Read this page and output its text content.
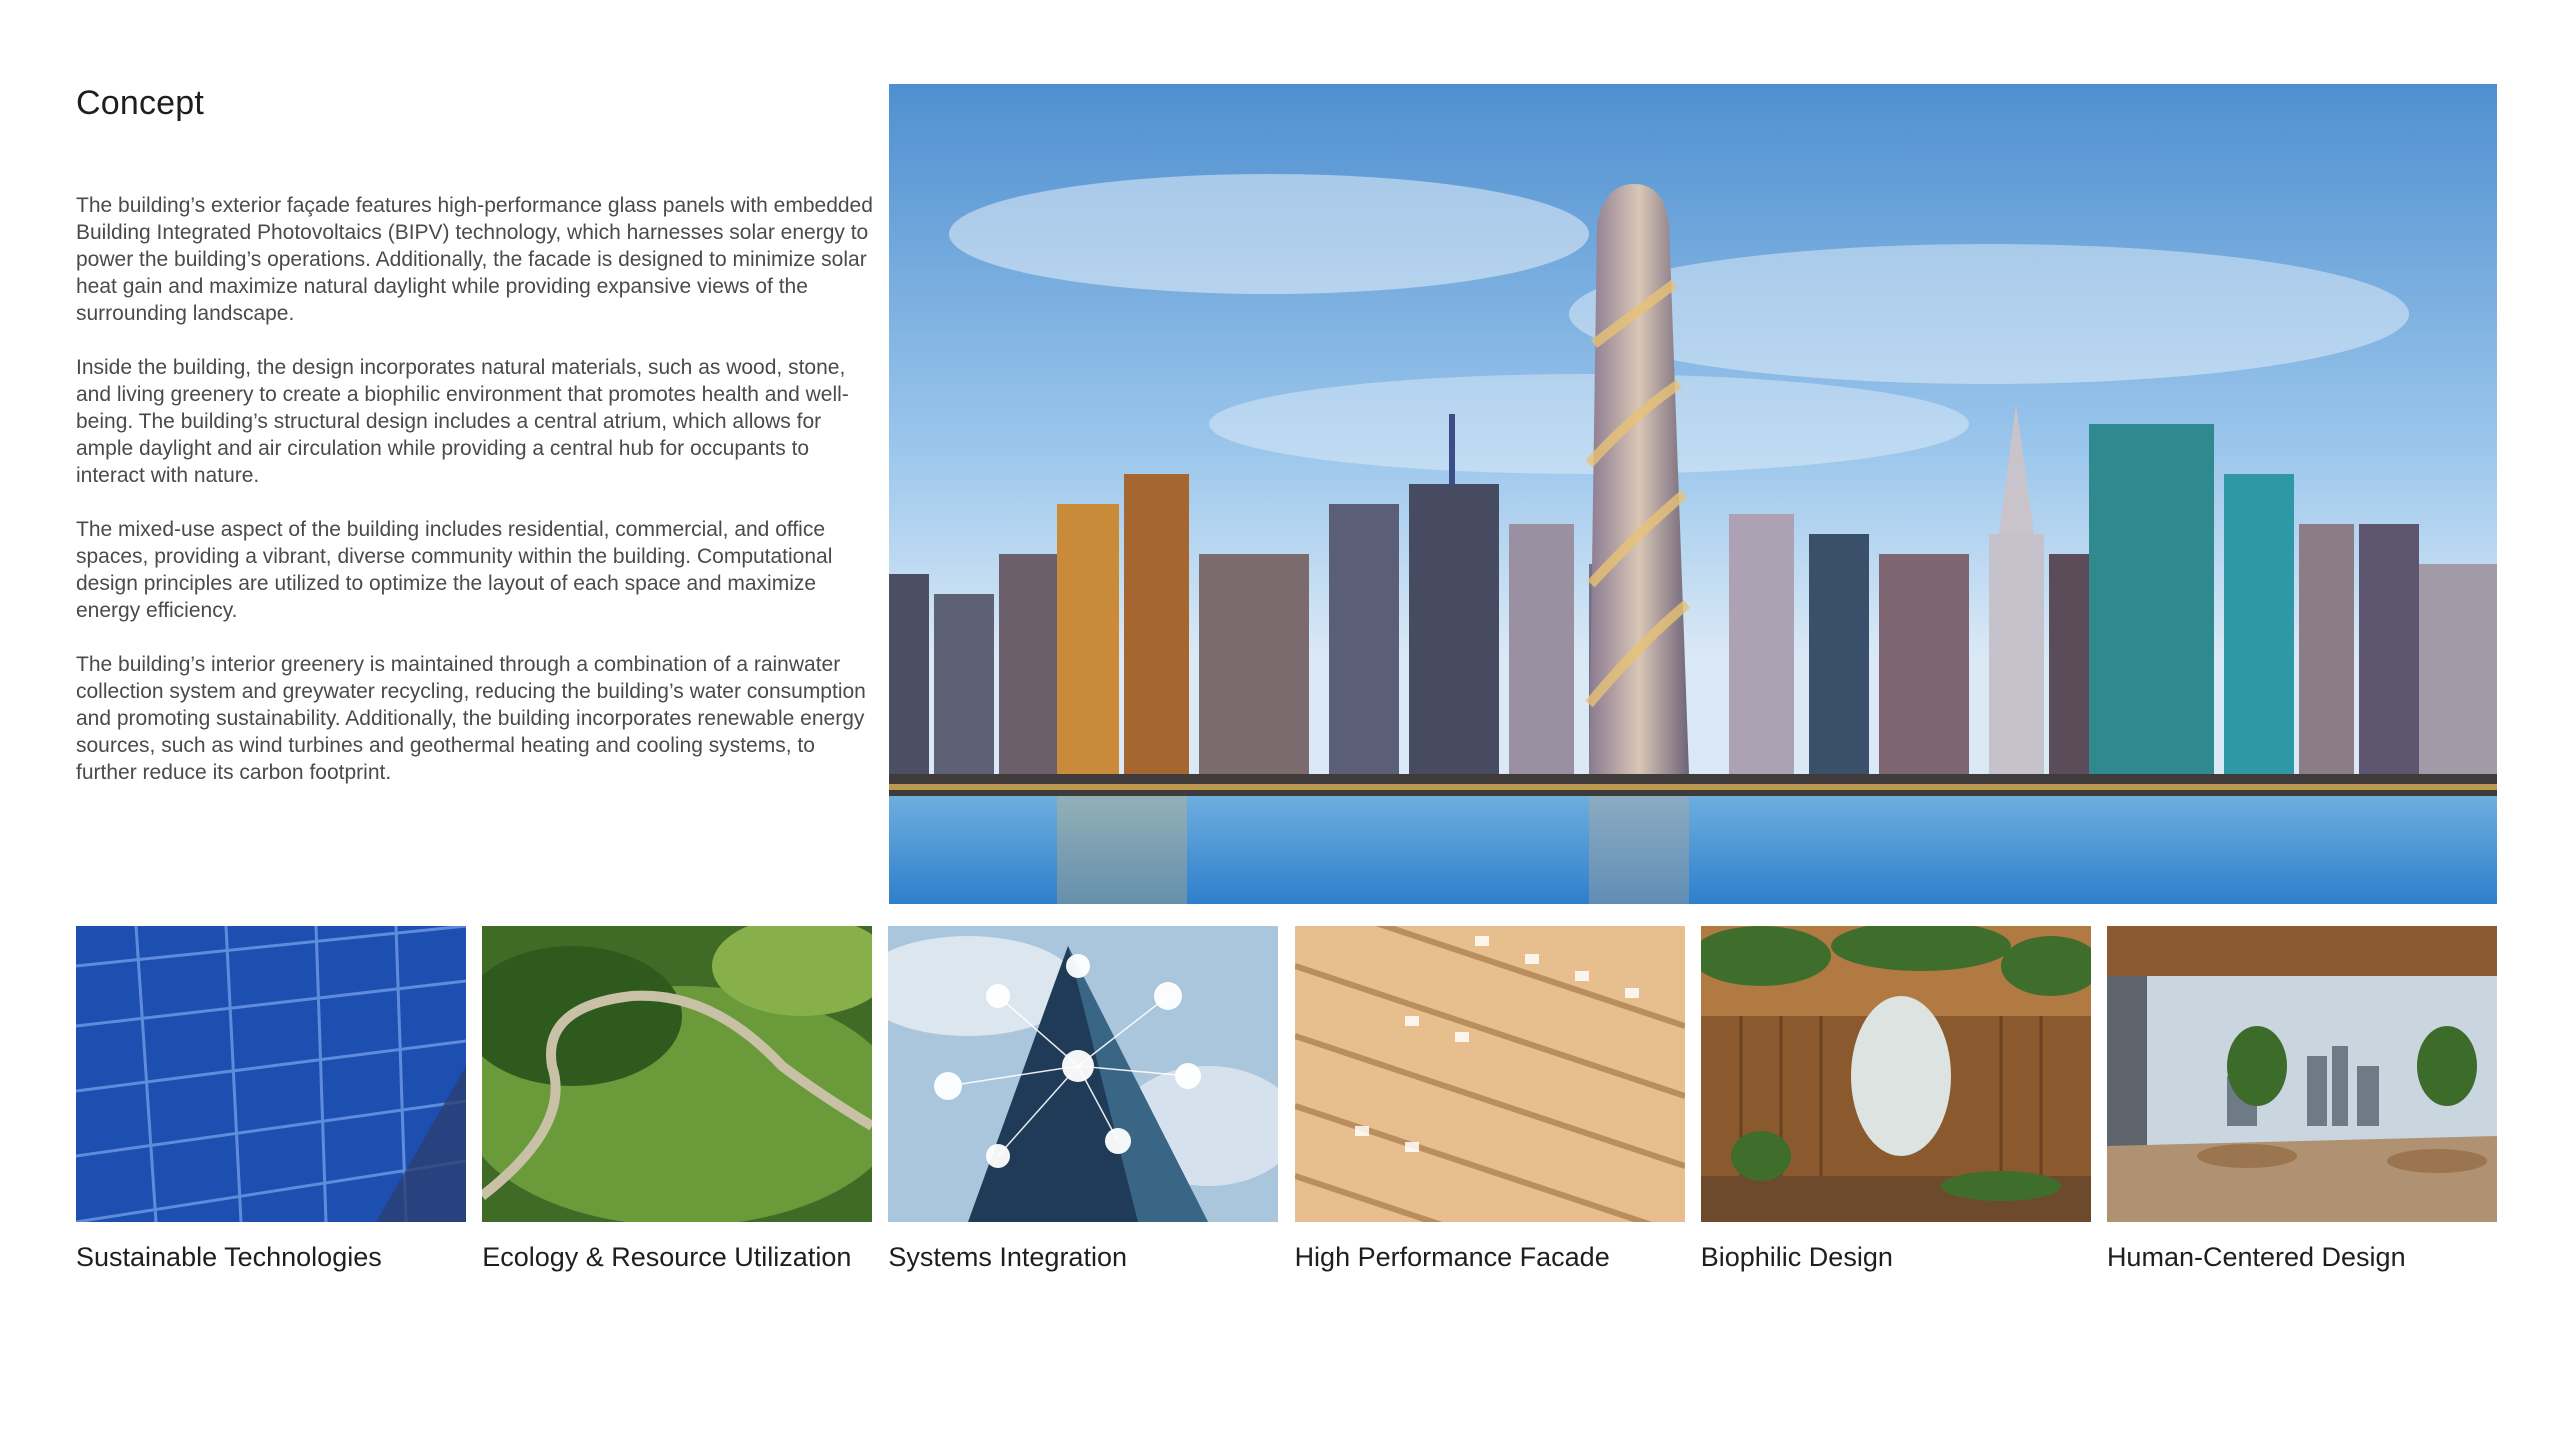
Concept

The building’s exterior façade features high-performance glass panels with embedded Building Integrated Photovoltaics (BIPV) technology, which harnesses solar energy to power the building’s operations. Additionally, the facade is designed to minimize solar heat gain and maximize natural daylight while providing expansive views of the surrounding landscape.

Inside the building, the design incorporates natural materials, such as wood, stone, and living greenery to create a biophilic environment that promotes health and well-being. The building’s structural design includes a central atrium, which allows for ample daylight and air circulation while providing a central hub for occupants to interact with nature.

The mixed-use aspect of the building includes residential, commercial, and office spaces, providing a vibrant, diverse community within the building. Computational design principles are utilized to optimize the layout of each space and maximize energy efficiency.

The building’s interior greenery is maintained through a combination of a rainwater collection system and greywater recycling, reducing the building’s water consumption and promoting sustainability. Additionally, the building incorporates renewable energy sources, such as wind turbines and geothermal heating and cooling systems, to further reduce its carbon footprint.

Sustainable Technologies	Ecology & Resource Utilization	Systems Integration	High Performance Facade	Biophilic Design	Human-Centered Design
